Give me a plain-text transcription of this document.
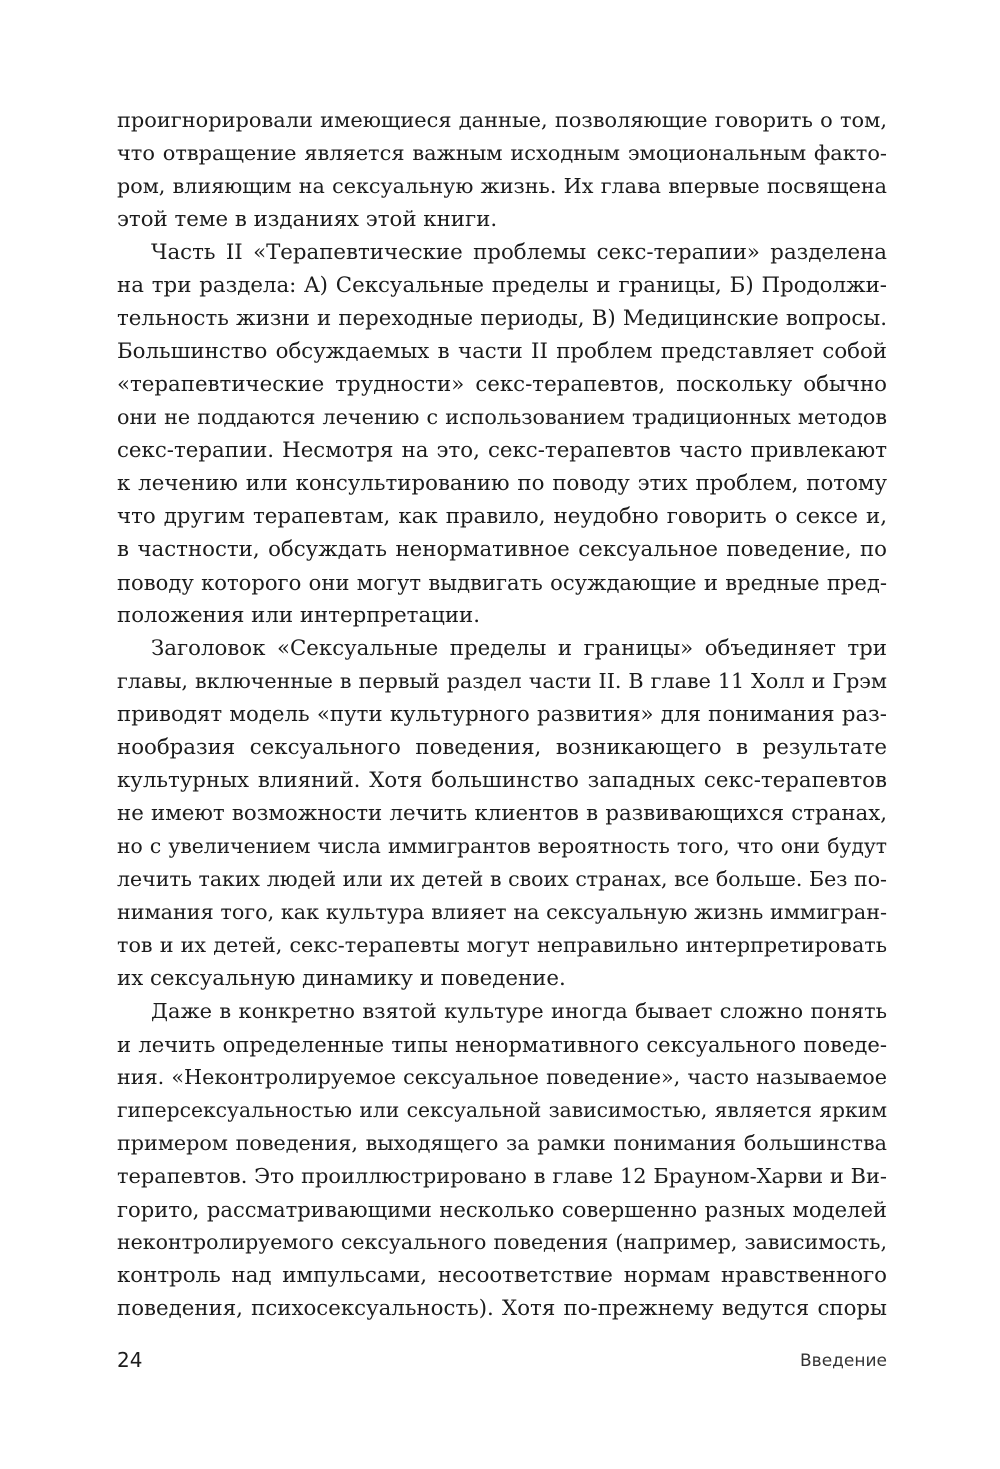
проигнорировали имеющиеся данные, позволяющие говорить о том,
что отвращение является важным исходным эмоциональным факто-
ром, влияющим на сексуальную жизнь. Их глава впервые посвящена
этой теме в изданиях этой книги.

Часть II «Терапевтические проблемы секс-терапии» разделена
на три раздела: A) Сексуальные пределы и границы, Б) Продолжи-
тельность жизни и переходные периоды, В) Медицинские вопросы.
Большинство обсуждаемых в части II проблем представляет собой
«терапевтические трудности» секс-терапевтов, поскольку обычно
они не поддаются лечению с использованием традиционных методов
секс-терапии. Несмотря на это, секс-терапевтов часто привлекают
к лечению или консультированию по поводу этих проблем, потому
что другим терапевтам, как правило, неудобно говорить о сексе и,
в частности, обсуждать ненормативное сексуальное поведение, по
поводу которого они могут выдвигать осуждающие и вредные пред-
положения или интерпретации.

Заголовок «Сексуальные пределы и границы» объединяет три
главы, включенные в первый раздел части II. В главе 11 Холл и Грэм
приводят модель «пути культурного развития» для понимания раз-
нообразия сексуального поведения, возникающего в результате
культурных влияний. Хотя большинство западных секс-терапевтов
не имеют возможности лечить клиентов в развивающихся странах,
но с увеличением числа иммигрантов вероятность того, что они будут
лечить таких людей или их детей в своих странах, все больше. Без по-
нимания того, как культура влияет на сексуальную жизнь иммигран-
тов и их детей, секс-терапевты могут неправильно интерпретировать
их сексуальную динамику и поведение.

Даже в конкретно взятой культуре иногда бывает сложно понять
и лечить определенные типы ненормативного сексуального поведе-
ния. «Неконтролируемое сексуальное поведение», часто называемое
гиперсексуальностью или сексуальной зависимостью, является ярким
примером поведения, выходящего за рамки понимания большинства
терапевтов. Это проиллюстрировано в главе 12 Брауном-Харви и Ви-
горито, рассматривающими несколько совершенно разных моделей
неконтролируемого сексуального поведения (например, зависимость,
контроль над импульсами, несоответствие нормам нравственного
поведения, психосексуальность). Хотя по-прежнему ведутся споры

24	Введение
